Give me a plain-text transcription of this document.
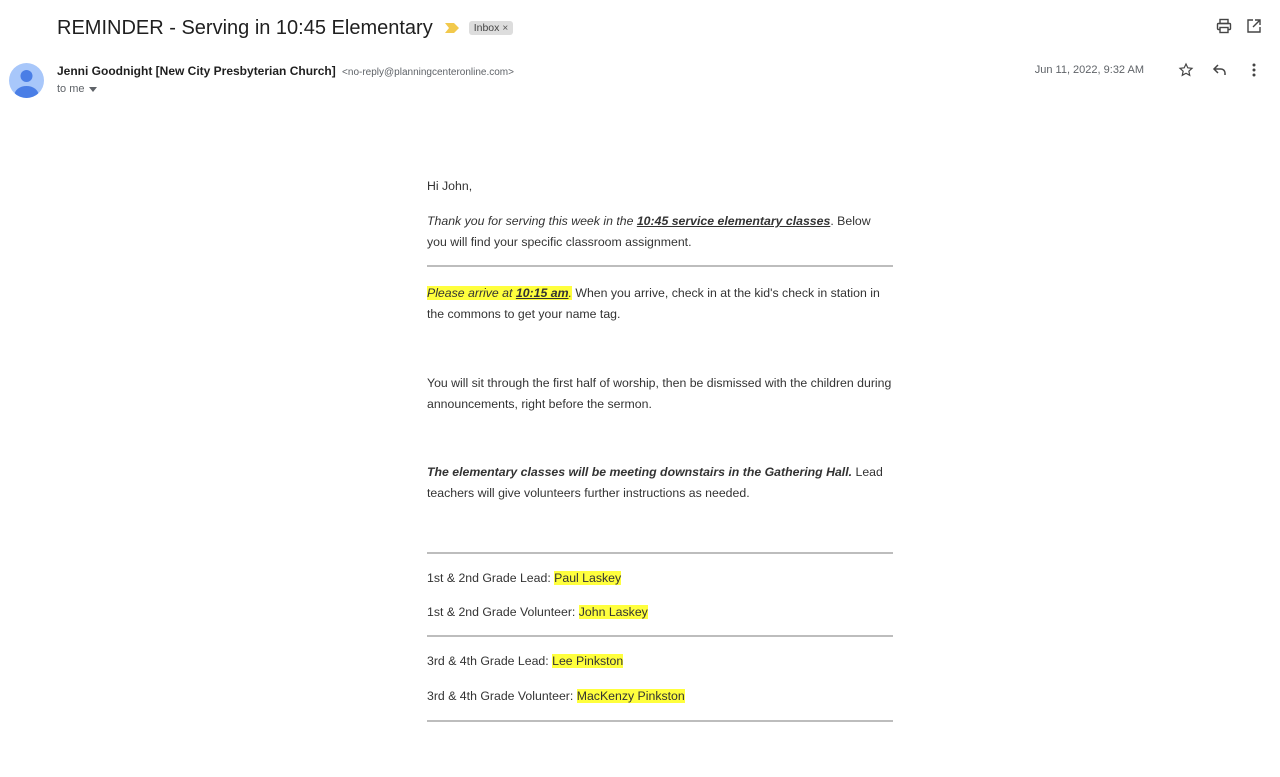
REMINDER - Serving in 10:45 Elementary	Inbox ×
Jenni Goodnight [New City Presbyterian Church] <no-reply@planningcenteronline.com>
to me
Jun 11, 2022, 9:32 AM

Hi John,

Thank you for serving this week in the 10:45 service elementary classes. Below you will find your specific classroom assignment.

Please arrive at 10:15 am. When you arrive, check in at the kid's check in station in the commons to get your name tag.

You will sit through the first half of worship, then be dismissed with the children during announcements, right before the sermon.

The elementary classes will be meeting downstairs in the Gathering Hall. Lead teachers will give volunteers further instructions as needed.

1st & 2nd Grade Lead: Paul Laskey

1st & 2nd Grade Volunteer: John Laskey

3rd & 4th Grade Lead: Lee Pinkston

3rd & 4th Grade Volunteer: MacKenzy Pinkston
